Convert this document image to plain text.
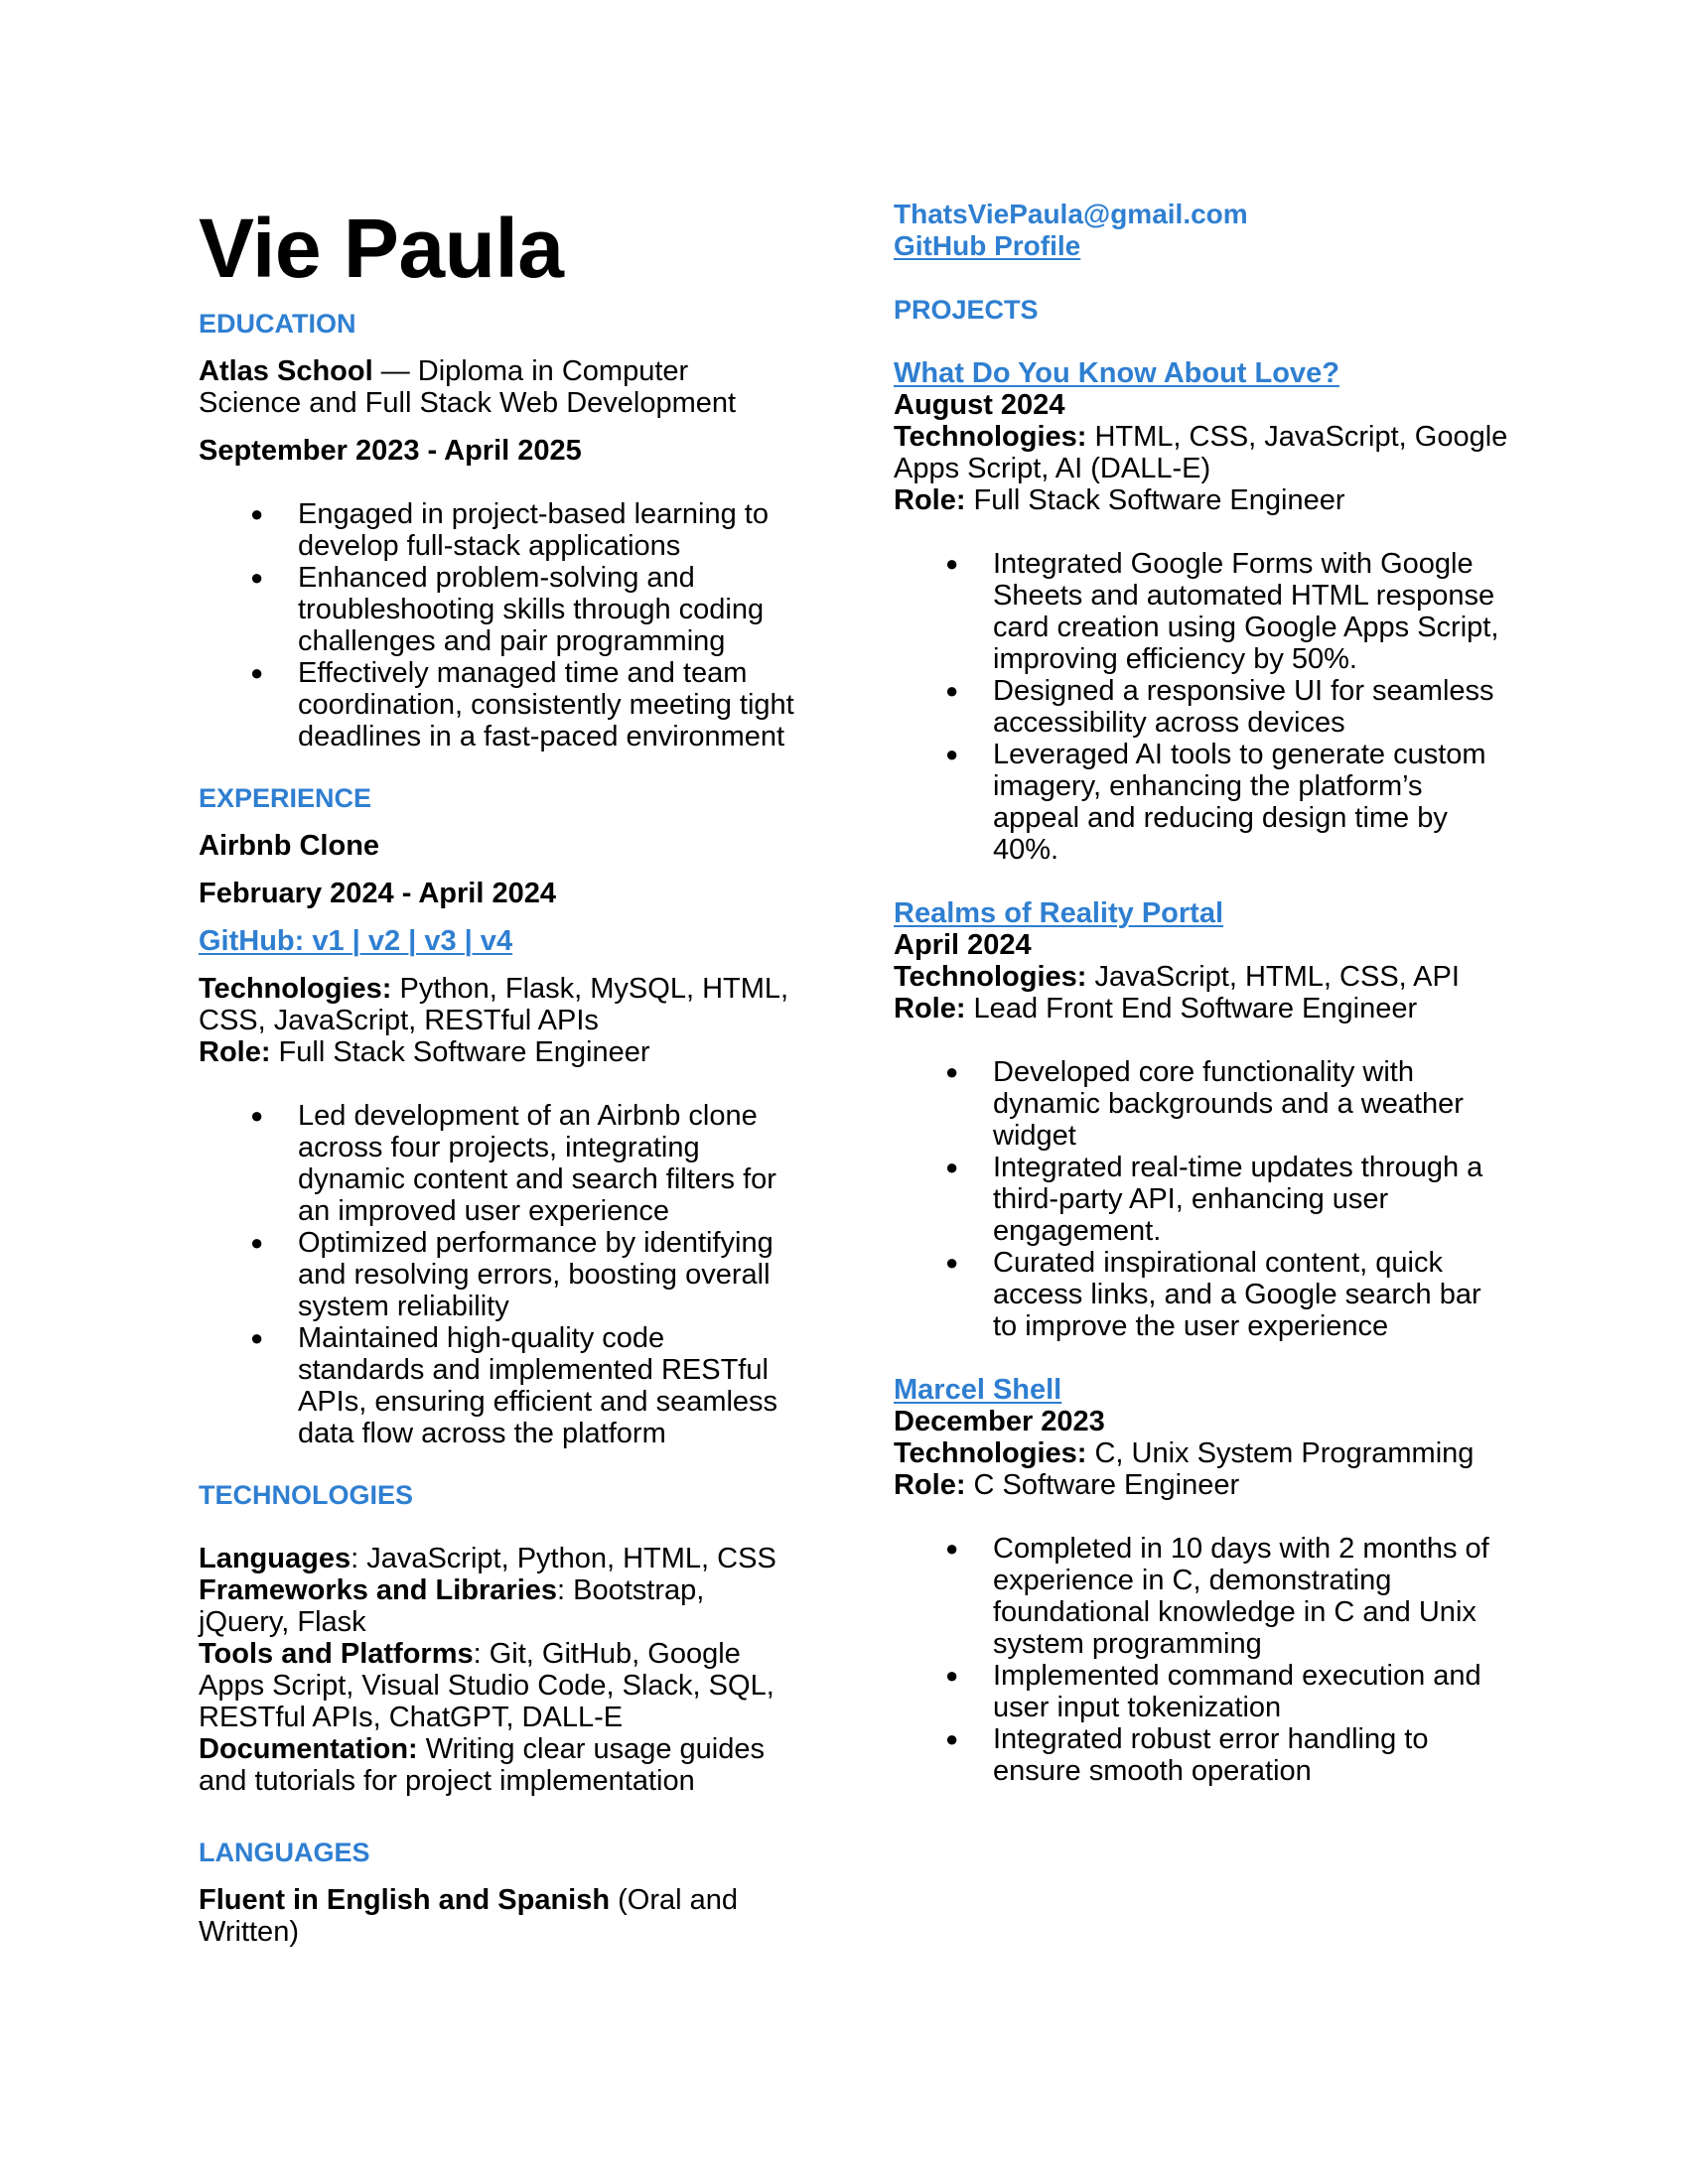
Vie Paula
EDUCATION

Atlas School — Diploma in Computer Science and Full Stack Web Development

September 2023 - April 2025

● Engaged in project-based learning to develop full-stack applications
● Enhanced problem-solving and troubleshooting skills through coding challenges and pair programming
● Effectively managed time and team coordination, consistently meeting tight deadlines in a fast-paced environment
EXPERIENCE

Airbnb Clone

February 2024 - April 2024

GitHub: v1 | v2 | v3 | v4

Technologies: Python, Flask, MySQL, HTML, CSS, JavaScript, RESTful APIs

Role: Full Stack Software Engineer

● Led development of an Airbnb clone across four projects, integrating dynamic content and search filters for an improved user experience
● Optimized performance by identifying and resolving errors, boosting overall system reliability
● Maintained high-quality code standards and implemented RESTful APIs, ensuring efficient and seamless data flow across the platform
TECHNOLOGIES

Languages: JavaScript, Python, HTML, CSS

Frameworks and Libraries: Bootstrap, jQuery, Flask

Tools and Platforms: Git, GitHub, Google Apps Script, Visual Studio Code, Slack, SQL, RESTful APIs, ChatGPT, DALL-E

Documentation: Writing clear usage guides and tutorials for project implementation

LANGUAGES

Fluent in English and Spanish (Oral and Written)

ThatsViePaula@gmail.com

GitHub Profile

PROJECTS

What Do You Know About Love?

August 2024

Technologies: HTML, CSS, JavaScript, Google Apps Script, AI (DALL-E)

Role: Full Stack Software Engineer

● Integrated Google Forms with Google Sheets and automated HTML response card creation using Google Apps Script, improving efficiency by 50%.
● Designed a responsive UI for seamless accessibility across devices
● Leveraged AI tools to generate custom imagery, enhancing the platform’s appeal and reducing design time by 40%.

Realms of Reality Portal

April 2024

Technologies: JavaScript, HTML, CSS, API

Role: Lead Front End Software Engineer

● Developed core functionality with dynamic backgrounds and a weather widget
● Integrated real-time updates through a third-party API, enhancing user engagement.
● Curated inspirational content, quick access links, and a Google search bar to improve the user experience

Marcel Shell

December 2023

Technologies: C, Unix System Programming

Role: C Software Engineer

● Completed in 10 days with 2 months of experience in C, demonstrating foundational knowledge in C and Unix system programming
● Implemented command execution and user input tokenization
● Integrated robust error handling to ensure smooth operation
